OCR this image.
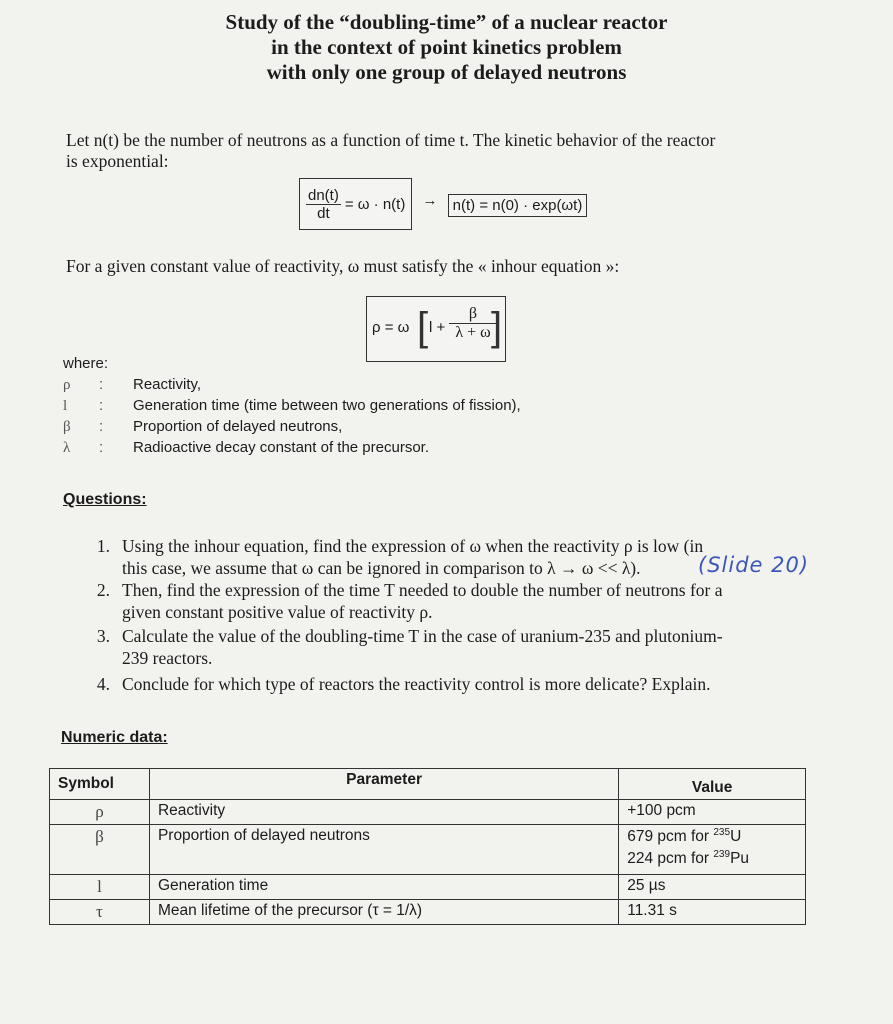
Study of the “doubling-time” of a nuclear reactor
in the context of point kinetics problem
with only one group of delayed neutrons
Let n(t) be the number of neutrons as a function of time t. The kinetic behavior of the reactor
is exponential:
$\frac{dn(t)}{dt} = \omega \cdot n(t) \to n(t) = n(0) \cdot \exp(\omega t)$
For a given constant value of reactivity, ω must satisfy the « inhour equation »:
ρ = ω [ $l + \frac{\beta}{\lambda + \omega}$
]
where:
ρ : Reactivity,
l : Generation time (time between two generations of fission),
β : Proportion of delayed neutrons,
λ : Radioactive decay constant of the precursor.
Questions:
1. Using the inhour equation, find the expression of ω when the reactivity ρ is low (in
this case, we assume that ω can be ignored in comparison to λ → ω << λ).
2. Then, find the expression of the time T needed to double the number of neutrons for a
given constant positive value of reactivity ρ.
3. Calculate the value of the doubling-time T in the case of uranium-235 and plutonium-
239 reactors.
4. Conclude for which type of reactors the reactivity control is more delicate? Explain.
(Slide 20)
Numeric data:
Symbol	Parameter	Value
ρ	Reactivity	+100 pcm
β	Proportion of delayed neutrons	679 pcm for $^{235}$U
224 pcm for $^{239}$Pu

l	Generation time	25 µs
τ	Mean lifetime of the precursor (τ = 1/λ)	11.31 s
